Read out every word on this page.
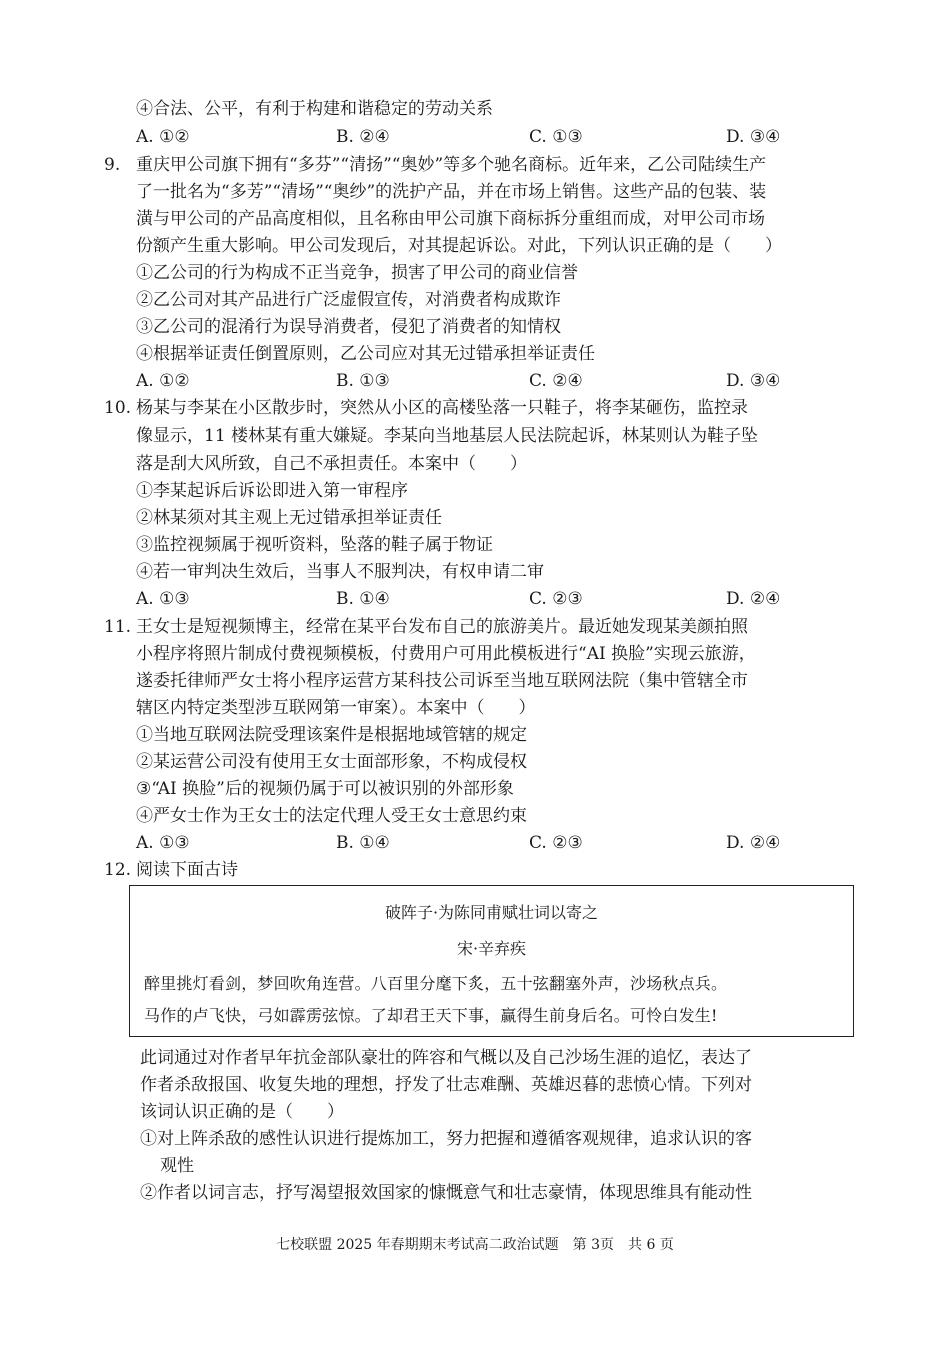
④合法、公平，有利于构建和谐稳定的劳动关系
A. ①②	B. ②④	C. ①③	D. ③④
9. 重庆甲公司旗下拥有“多芬”“清扬”“奥妙”等多个驰名商标。近年来，乙公司陆续生产
了一批名为“多芳”“清场”“奥纱”的洗护产品，并在市场上销售。这些产品的包装、装
潢与甲公司的产品高度相似，且名称由甲公司旗下商标拆分重组而成，对甲公司市场
份额产生重大影响。甲公司发现后，对其提起诉讼。对此，下列认识正确的是（　　）
①乙公司的行为构成不正当竞争，损害了甲公司的商业信誉
②乙公司对其产品进行广泛虚假宣传，对消费者构成欺诈
③乙公司的混淆行为误导消费者，侵犯了消费者的知情权
④根据举证责任倒置原则，乙公司应对其无过错承担举证责任
A. ①②	B. ①③	C. ②④	D. ③④
10. 杨某与李某在小区散步时，突然从小区的高楼坠落一只鞋子，将李某砸伤，监控录
像显示，11 楼林某有重大嫌疑。李某向当地基层人民法院起诉，林某则认为鞋子坠
落是刮大风所致，自己不承担责任。本案中（　　）
①李某起诉后诉讼即进入第一审程序
②林某须对其主观上无过错承担举证责任
③监控视频属于视听资料，坠落的鞋子属于物证
④若一审判决生效后，当事人不服判决，有权申请二审
A. ①③	B. ①④	C. ②③	D. ②④
11. 王女士是短视频博主，经常在某平台发布自己的旅游美片。最近她发现某美颜拍照
小程序将照片制成付费视频模板，付费用户可用此模板进行“AI 换脸”实现云旅游，
遂委托律师严女士将小程序运营方某科技公司诉至当地互联网法院（集中管辖全市
辖区内特定类型涉互联网第一审案）。本案中（　　）
①当地互联网法院受理该案件是根据地域管辖的规定
②某运营公司没有使用王女士面部形象，不构成侵权
③“AI 换脸”后的视频仍属于可以被识别的外部形象
④严女士作为王女士的法定代理人受王女士意思约束
A. ①③	B. ①④	C. ②③	D. ②④
12. 阅读下面古诗
破阵子·为陈同甫赋壮词以寄之
宋·辛弃疾
醉里挑灯看剑，梦回吹角连营。八百里分麾下炙，五十弦翻塞外声，沙场秋点兵。
马作的卢飞快，弓如霹雳弦惊。了却君王天下事，赢得生前身后名。可怜白发生!
此词通过对作者早年抗金部队豪壮的阵容和气概以及自己沙场生涯的追忆，表达了
作者杀敌报国、收复失地的理想，抒发了壮志难酬、英雄迟暮的悲愤心情。下列对
该词认识正确的是（　　）
①对上阵杀敌的感性认识进行提炼加工，努力把握和遵循客观规律，追求认识的客
观性
②作者以词言志，抒写渴望报效国家的慷慨意气和壮志豪情，体现思维具有能动性
七校联盟 2025 年春期期末考试高二政治试题　第 3页　共 6 页
